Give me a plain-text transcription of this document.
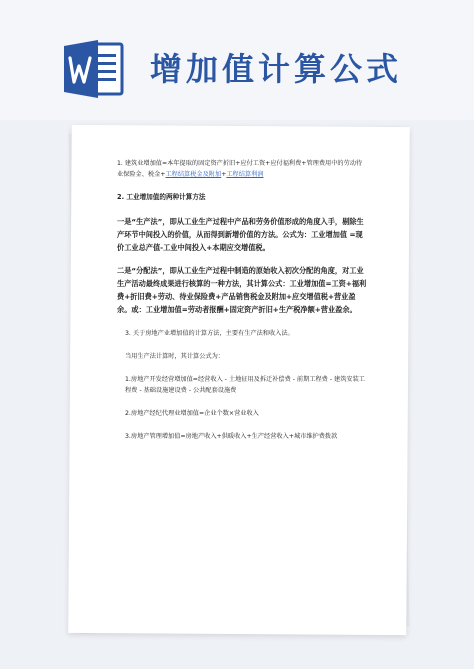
增加值计算公式

1. 建筑业增加值=本年提取的固定资产折旧+应付工资+应付福利费+管理费用中的劳动待业保险金、税金+工程结算税金及附加+工程结算利润

2. 工业增加值的两种计算方法

一是“生产法”，即从工业生产过程中产品和劳务价值形成的角度入手，剔除生产环节中间投入的价值，从而得到新增价值的方法。公式为：工业增加值 =现价工业总产值-工业中间投入+本期应交增值税。

二是“分配法”，即从工业生产过程中制造的原始收入初次分配的角度，对工业生产活动最终成果进行核算的一种方法，其计算公式：工业增加值=工资+福利费+折旧费+劳动、待业保险费+产品销售税金及附加+应交增值税+营业盈余。或：工业增加值=劳动者报酬+固定资产折旧+生产税净额+营业盈余。

3. 关于房地产业增加值的计算方法，主要有生产法和收入法。

当用生产法计算时，其计算公式为：

1.房地产开发经营增加值=经营收入 - 土地征用及拆迁补偿费 - 前期工程费 - 建筑安装工程费 - 基础设施建设费 - 公共配套设施费

2.房地产经纪代理业增加值=企业个数×营业收入

3.房地产管理增加值=房地产收入+供暖收入+生产经营收入+城市维护费拨款
